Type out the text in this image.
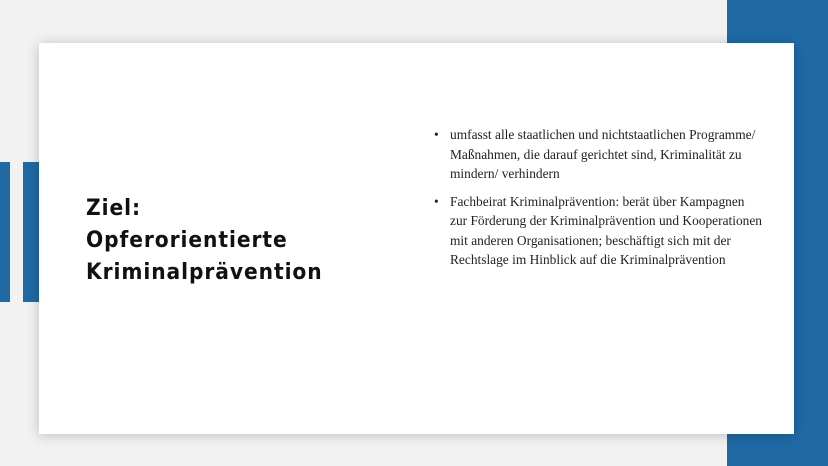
Ziel:
Opferorientierte
Kriminalprävention
• umfasst alle staatlichen und nichtstaatlichen Programme/ Maßnahmen, die darauf gerichtet sind, Kriminalität zu mindern/ verhindern
• Fachbeirat Kriminalprävention: berät über Kampagnen zur Förderung der Kriminalprävention und Kooperationen mit anderen Organisationen; beschäftigt sich mit der Rechtslage im Hinblick auf die Kriminalprävention
